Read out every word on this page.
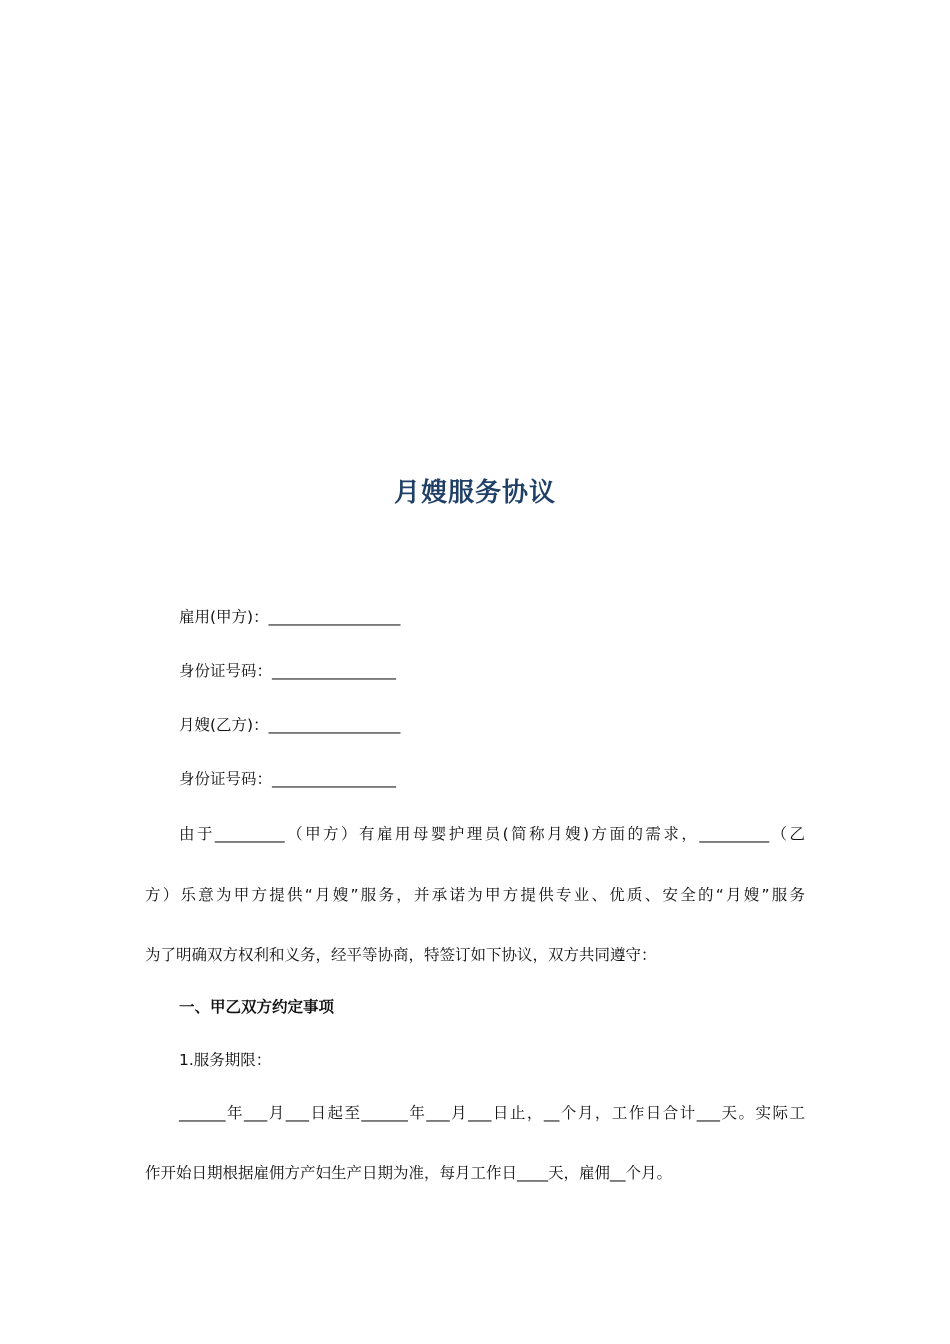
月嫂服务协议

雇用(甲方)：_________________

身份证号码：________________

月嫂(乙方)：_________________

身份证号码：________________

由于_________（甲方）有雇用母婴护理员(简称月嫂)方面的需求，_________（乙

方）乐意为甲方提供“月嫂”服务，并承诺为甲方提供专业、优质、安全的“月嫂”服务

为了明确双方权利和义务，经平等协商，特签订如下协议，双方共同遵守：

一、甲乙双方约定事项

1.服务期限：

______年___月___日起至______年___月___日止，__个月，工作日合计___天。实际工

作开始日期根据雇佣方产妇生产日期为准，每月工作日____天，雇佣__个月。
